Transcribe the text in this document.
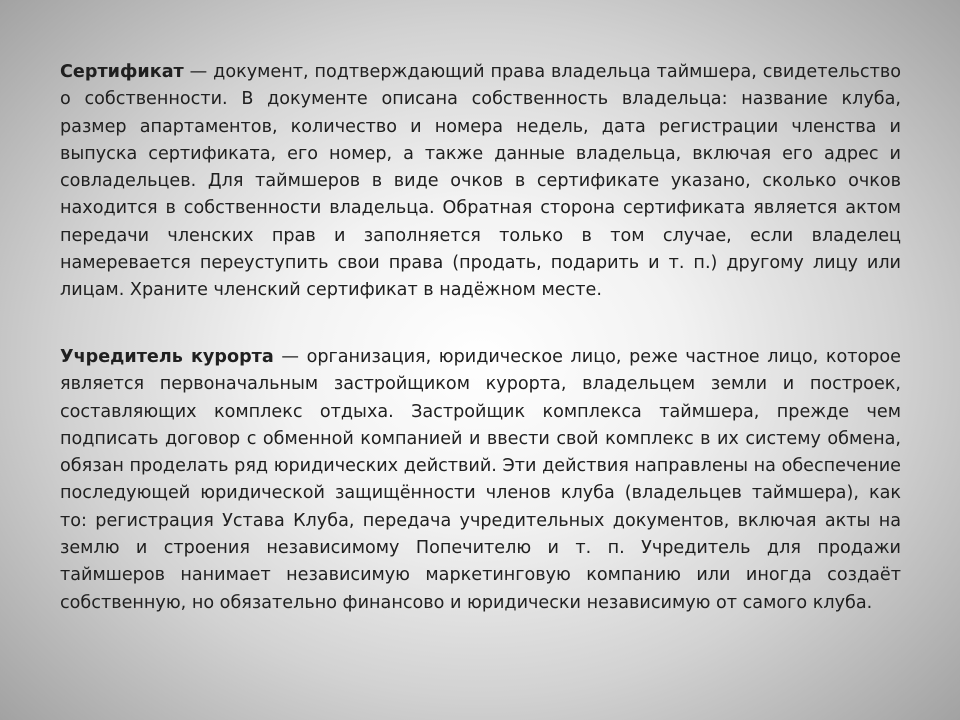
Сертификат — документ, подтверждающий права владельца таймшера, свидетельство о собственности. В документе описана собственность владельца: название клуба, размер апартаментов, количество и номера недель, дата регистрации членства и выпуска сертификата, его номер, а также данные владельца, включая его адрес и совладельцев. Для таймшеров в виде очков в сертификате указано, сколько очков находится в собственности владельца. Обратная сторона сертификата является актом передачи членских прав и заполняется только в том случае, если владелец намеревается переуступить свои права (продать, подарить и т. п.) другому лицу или лицам. Храните членский сертификат в надёжном месте.

Учредитель курорта — организация, юридическое лицо, реже частное лицо, которое является первоначальным застройщиком курорта, владельцем земли и построек, составляющих комплекс отдыха. Застройщик комплекса таймшера, прежде чем подписать договор с обменной компанией и ввести свой комплекс в их систему обмена, обязан проделать ряд юридических действий. Эти действия направлены на обеспечение последующей юридической защищённости членов клуба (владельцев таймшера), как то: регистрация Устава Клуба, передача учредительных документов, включая акты на землю и строения независимому Попечителю и т. п. Учредитель для продажи таймшеров нанимает независимую маркетинговую компанию или иногда создаёт собственную, но обязательно финансово и юридически независимую от самого клуба.
